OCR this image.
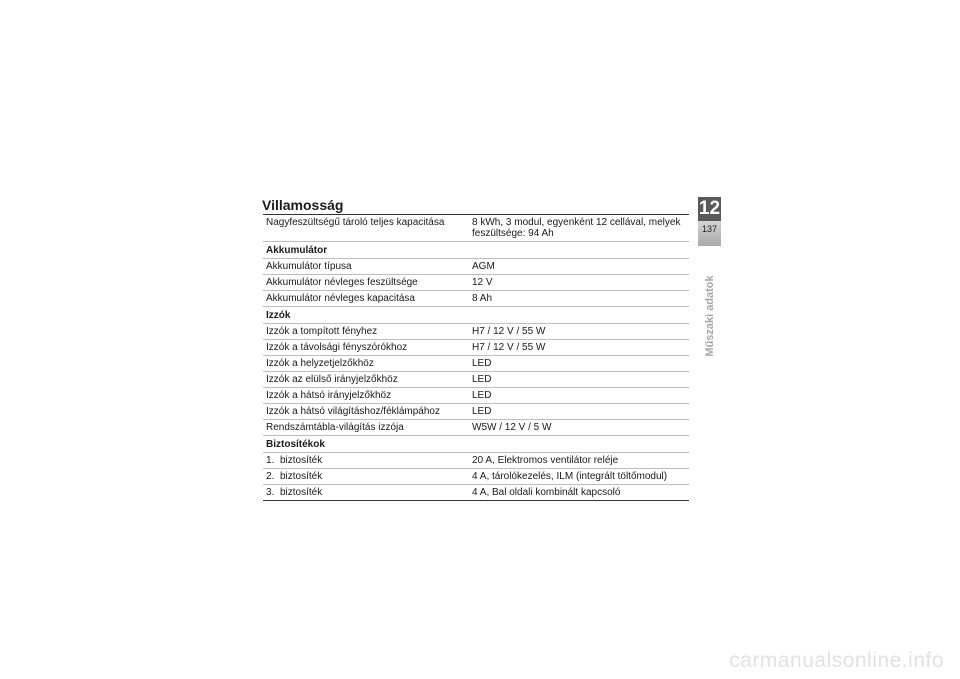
Villamosság
Nagyfeszültségű tároló teljes kapacitása	8 kWh, 3 modul, egyenként 12 cellával, melyek feszültsége: 94 Ah
Akkumulátor	
Akkumulátor típusa	AGM
Akkumulátor névleges feszültsége	12 V
Akkumulátor névleges kapacitása	8 Ah
Izzók	
Izzók a tompított fényhez	H7 / 12 V / 55 W
Izzók a távolsági fényszórókhoz	H7 / 12 V / 55 W
Izzók a helyzetjelzőkhöz	LED
Izzók az elülső irányjelzőkhöz	LED
Izzók a hátsó irányjelzőkhöz	LED
Izzók a hátsó világításhoz/féklámpához	LED
Rendszámtábla-világítás izzója	W5W / 12 V / 5 W
Biztosítékok	
1. biztosíték	20 A, Elektromos ventilátor reléje
2. biztosíték	4 A, tárolókezelés, ILM (integrált töltőmodul)
3. biztosíték	4 A, Bal oldali kombinált kapcsoló
12
137
Műszaki adatok
carmanualsonline.info
